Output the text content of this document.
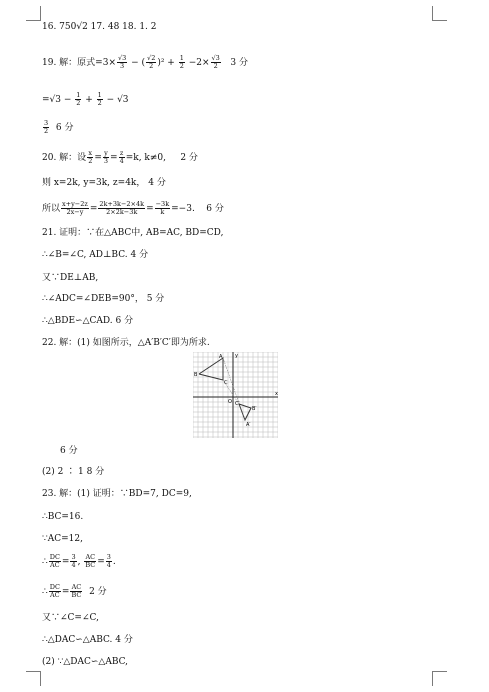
16. 750√2 17. 48 18. 1. 2
19. 解：原式$=3\times \frac{√3}{3}$ − ( $\frac{√2}{2} )^2 + \frac{1}{2} -2\times \frac{√3}{2} 3$ 分
$=√3 - \frac{1}{2} + \frac{1}{2} - √3$
$\frac{3}{2} 6$ 分
20. 解：设 $\frac{x}{2} = \frac{y}{3} = \frac{z}{4} =k$, k≠0, 2 分
则 x=2k, y=3k, z=4k， 4 分
所以 $\frac{x+y-2z}{2x-y} = \frac{2k+3k-2\times 4k}{2\times 2k-3k} = \frac{-3k}{k} =-3$. 6 分
21. 证明：∵在△ABC中, AB=AC, BD=CD,
∴∠B=∠C, AD⊥BC. 4 分
又∵DE⊥AB,
∴∠ADC=∠DEB=90°， 5 分
∴△BDE∽△CAD. 6 分
22. 解：(1) 如图所示，△A′B′C′即为所求.
x
y
O
A
B
C
A′
B′
C′
6 分
(2) 2 ∶ 1 8 分
23. 解：(1) 证明：∵BD=7, DC=9,
∴BC=16.
∵AC=12,
∴ $\frac{DC}{AC} = \frac{3}{4}$ , $\frac{AC}{BC} = \frac{3}{4}$ .
∴ $\frac{DC}{AC} = \frac{AC}{BC} 2$ 分
又∵∠C=∠C,
∴△DAC∽△ABC. 4 分
(2) ∵△DAC∽△ABC,
